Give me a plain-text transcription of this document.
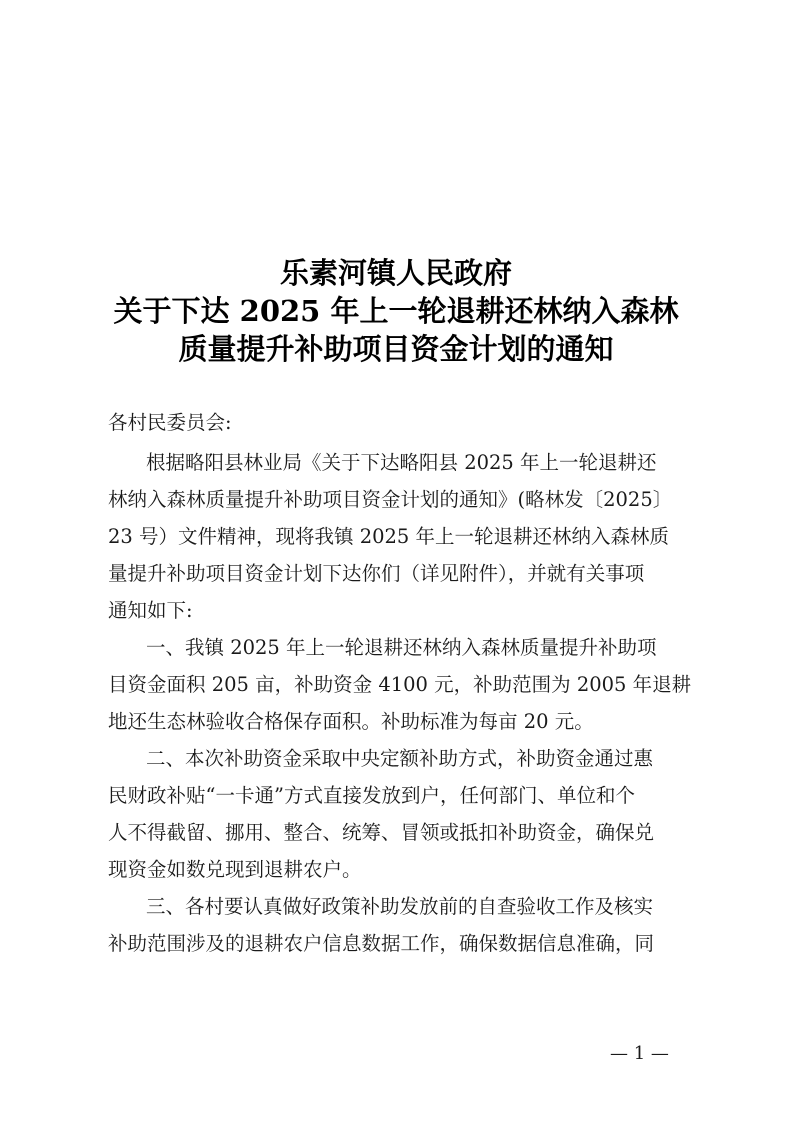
乐素河镇人民政府
关于下达 2025 年上一轮退耕还林纳入森林
质量提升补助项目资金计划的通知
各村民委员会:
根据略阳县林业局《关于下达略阳县 2025 年上一轮退耕还
林纳入森林质量提升补助项目资金计划的通知》(略林发〔2025〕
23 号）文件精神，现将我镇 2025 年上一轮退耕还林纳入森林质
量提升补助项目资金计划下达你们（详见附件），并就有关事项
通知如下:
一、我镇 2025 年上一轮退耕还林纳入森林质量提升补助项
目资金面积 205 亩，补助资金 4100 元，补助范围为 2005 年退耕
地还生态林验收合格保存面积。补助标准为每亩 20 元。
二、本次补助资金采取中央定额补助方式，补助资金通过惠
民财政补贴“一卡通”方式直接发放到户，任何部门、单位和个
人不得截留、挪用、整合、统筹、冒领或抵扣补助资金，确保兑
现资金如数兑现到退耕农户。
三、各村要认真做好政策补助发放前的自查验收工作及核实
补助范围涉及的退耕农户信息数据工作，确保数据信息准确，同
— 1 —
